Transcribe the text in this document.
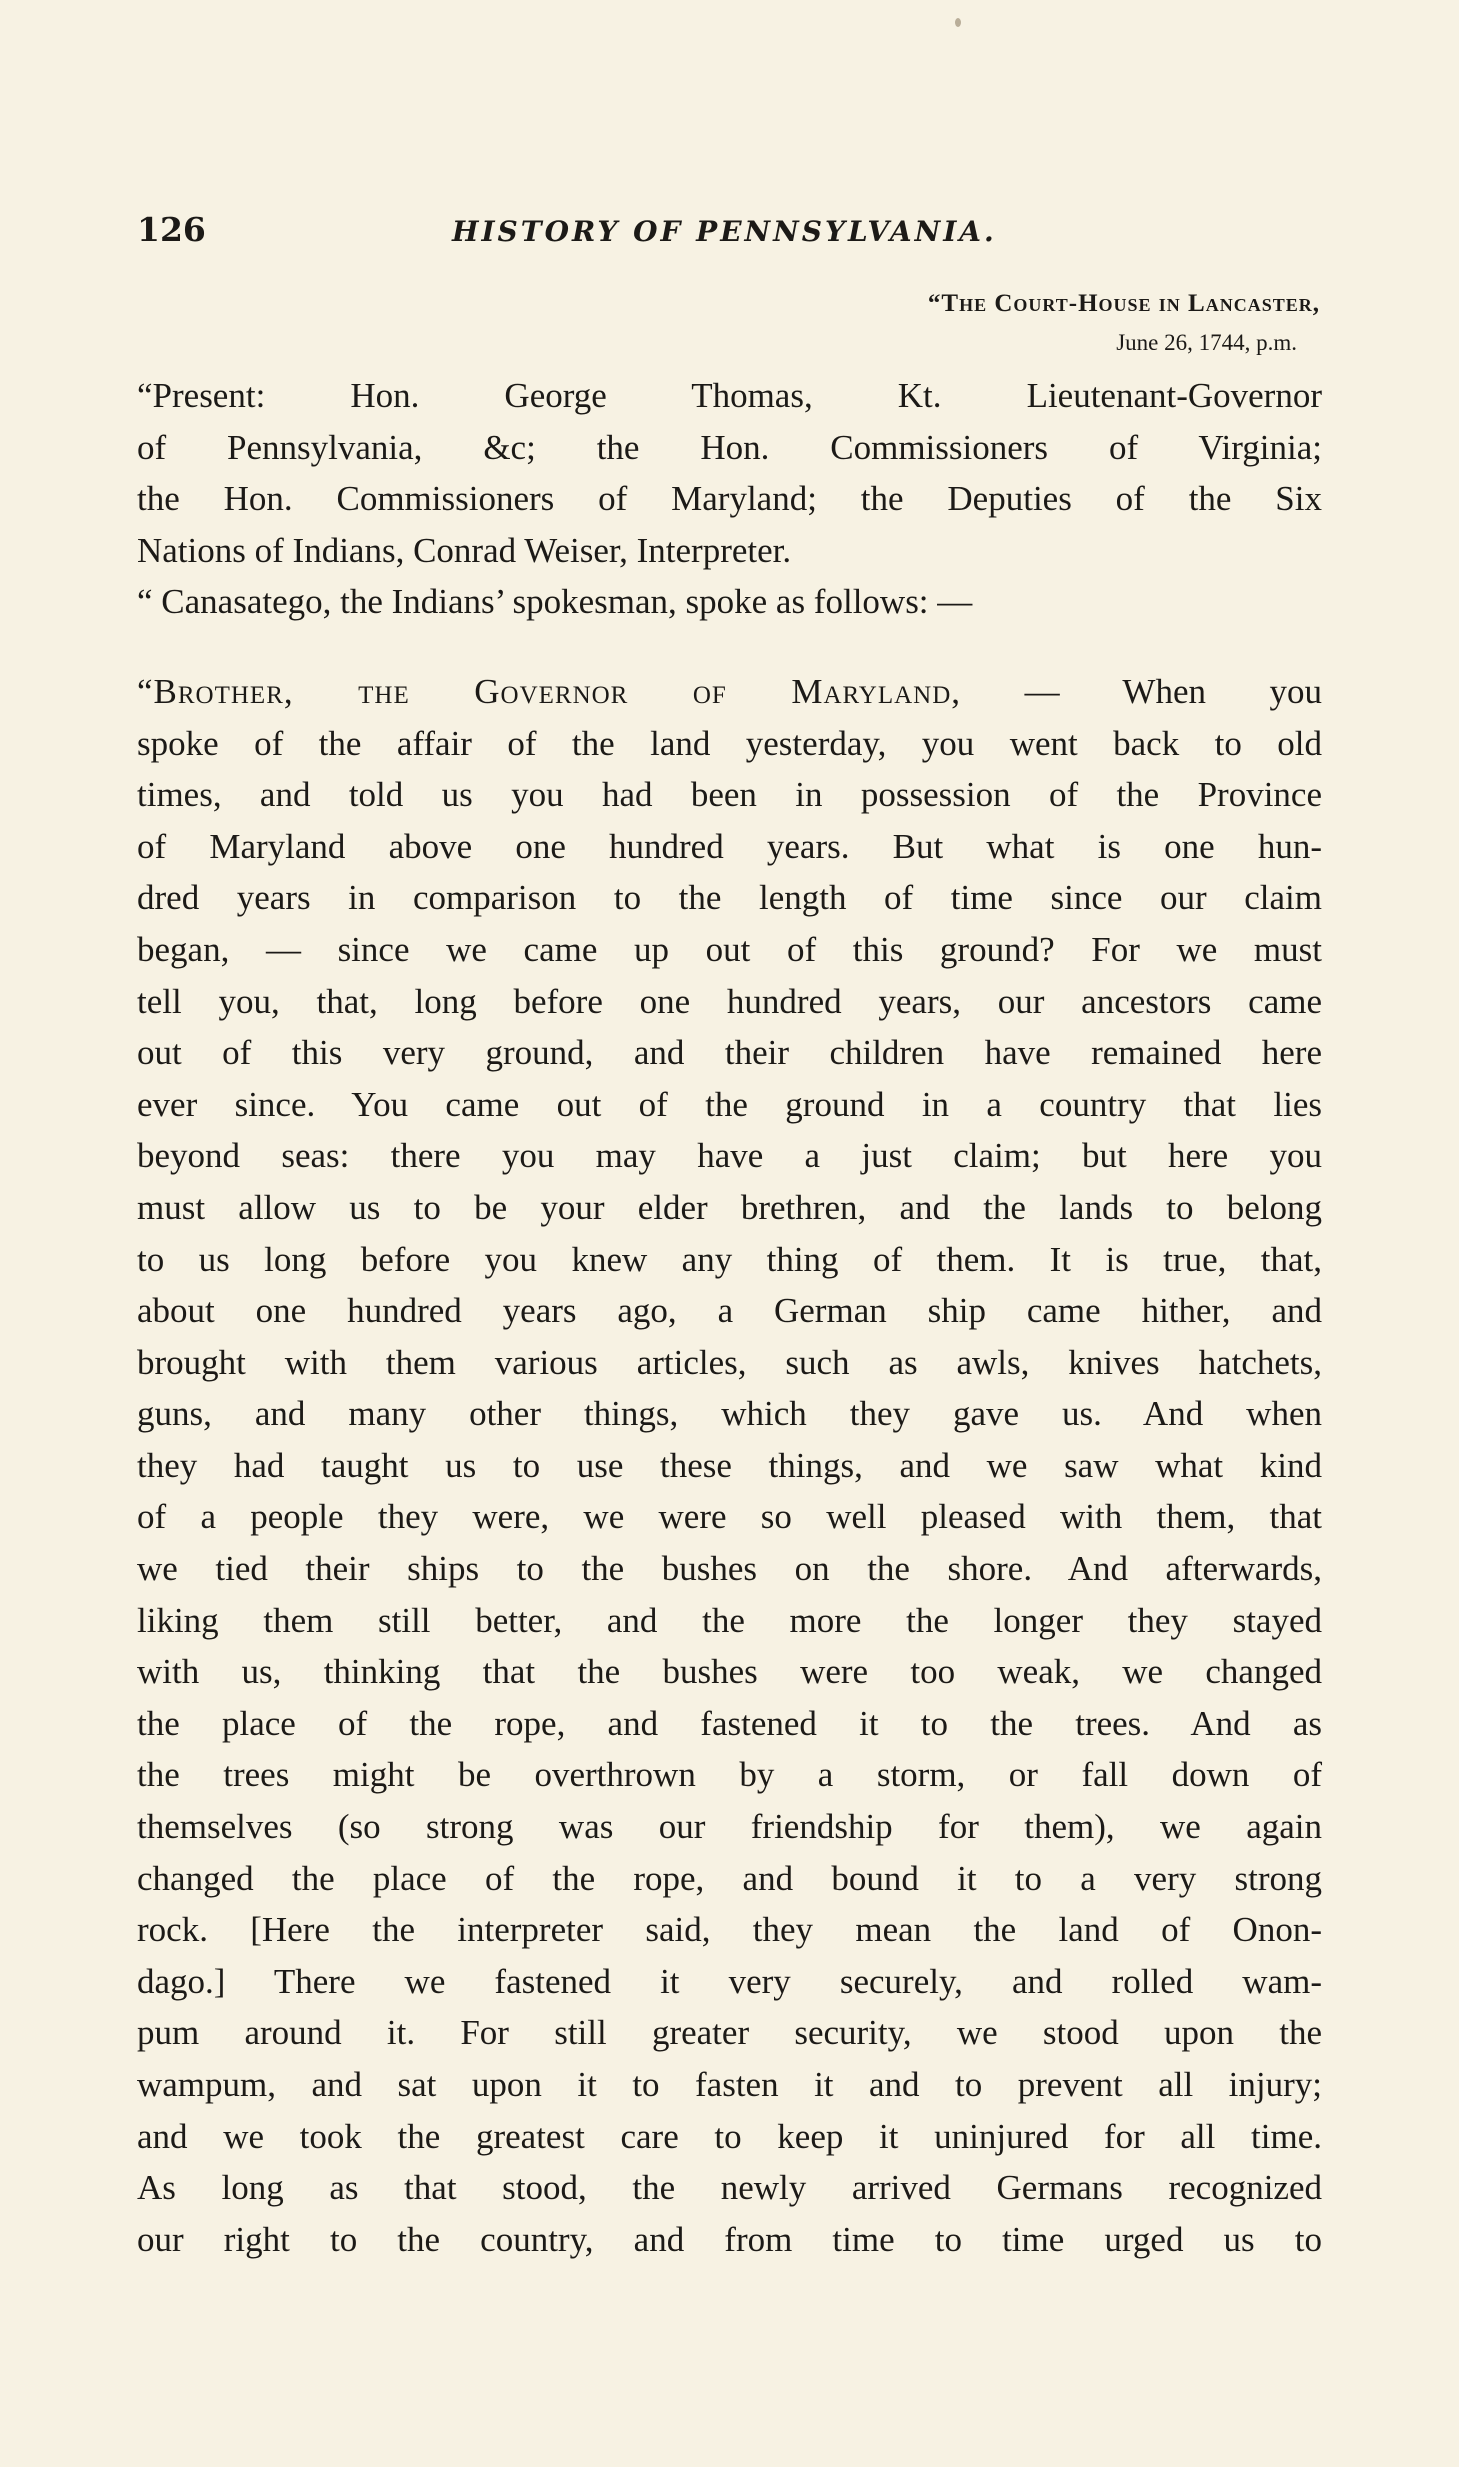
126	HISTORY OF PENNSYLVANIA.
“The Court-House in Lancaster,
June 26, 1744, p.m.
“Present: Hon. George Thomas, Kt. Lieutenant-Governor
of Pennsylvania, &c; the Hon. Commissioners of Virginia;
the Hon. Commissioners of Maryland; the Deputies of the Six
Nations of Indians, Conrad Weiser, Interpreter.
“ Canasatego, the Indians’ spokesman, spoke as follows: —
“Brother, the Governor of Maryland, — When you
spoke of the affair of the land yesterday, you went back to old
times, and told us you had been in possession of the Province
of Maryland above one hundred years. But what is one hun-
dred years in comparison to the length of time since our claim
began, — since we came up out of this ground? For we must
tell you, that, long before one hundred years, our ancestors came
out of this very ground, and their children have remained here
ever since. You came out of the ground in a country that lies
beyond seas: there you may have a just claim; but here you
must allow us to be your elder brethren, and the lands to belong
to us long before you knew any thing of them. It is true, that,
about one hundred years ago, a German ship came hither, and
brought with them various articles, such as awls, knives hatchets,
guns, and many other things, which they gave us. And when
they had taught us to use these things, and we saw what kind
of a people they were, we were so well pleased with them, that
we tied their ships to the bushes on the shore. And afterwards,
liking them still better, and the more the longer they stayed
with us, thinking that the bushes were too weak, we changed
the place of the rope, and fastened it to the trees. And as
the trees might be overthrown by a storm, or fall down of
themselves (so strong was our friendship for them), we again
changed the place of the rope, and bound it to a very strong
rock. [Here the interpreter said, they mean the land of Onon-
dago.] There we fastened it very securely, and rolled wam-
pum around it. For still greater security, we stood upon the
wampum, and sat upon it to fasten it and to prevent all injury;
and we took the greatest care to keep it uninjured for all time.
As long as that stood, the newly arrived Germans recognized
our right to the country, and from time to time urged us to
